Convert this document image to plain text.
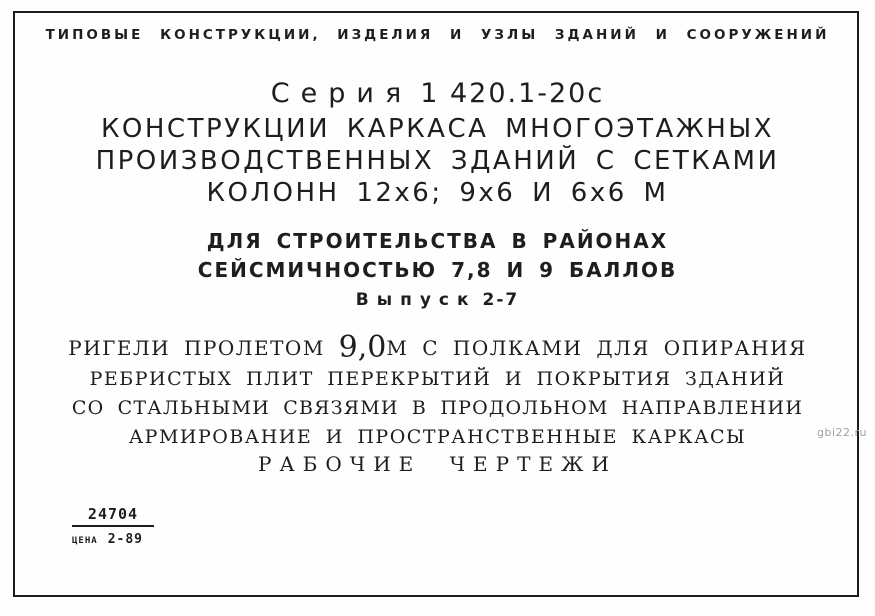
ТИПОВЫЕ КОНСТРУКЦИИ, ИЗДЕЛИЯ И УЗЛЫ ЗДАНИЙ И СООРУЖЕНИЙ
Серия 1 420.1-20с
КОНСТРУКЦИИ КАРКАСА МНОГОЭТАЖНЫХ
ПРОИЗВОДСТВЕННЫХ ЗДАНИЙ С СЕТКАМИ
КОЛОНН 12х6; 9х6 И 6х6 М
ДЛЯ СТРОИТЕЛЬСТВА В РАЙОНАХ
СЕЙСМИЧНОСТЬЮ 7,8 И 9 БАЛЛОВ
Выпуск 2-7
РИГЕЛИ ПРОЛЕТОМ 9,0М С ПОЛКАМИ ДЛЯ ОПИРАНИЯ
РЕБРИСТЫХ ПЛИТ ПЕРЕКРЫТИЙ И ПОКРЫТИЯ ЗДАНИЙ
СО СТАЛЬНЫМИ СВЯЗЯМИ В ПРОДОЛЬНОМ НАПРАВЛЕНИИ
АРМИРОВАНИЕ И ПРОСТРАНСТВЕННЫЕ КАРКАСЫ
РАБОЧИЕ ЧЕРТЕЖИ
24704
ЦЕНА 2-89
gbi22.ru
